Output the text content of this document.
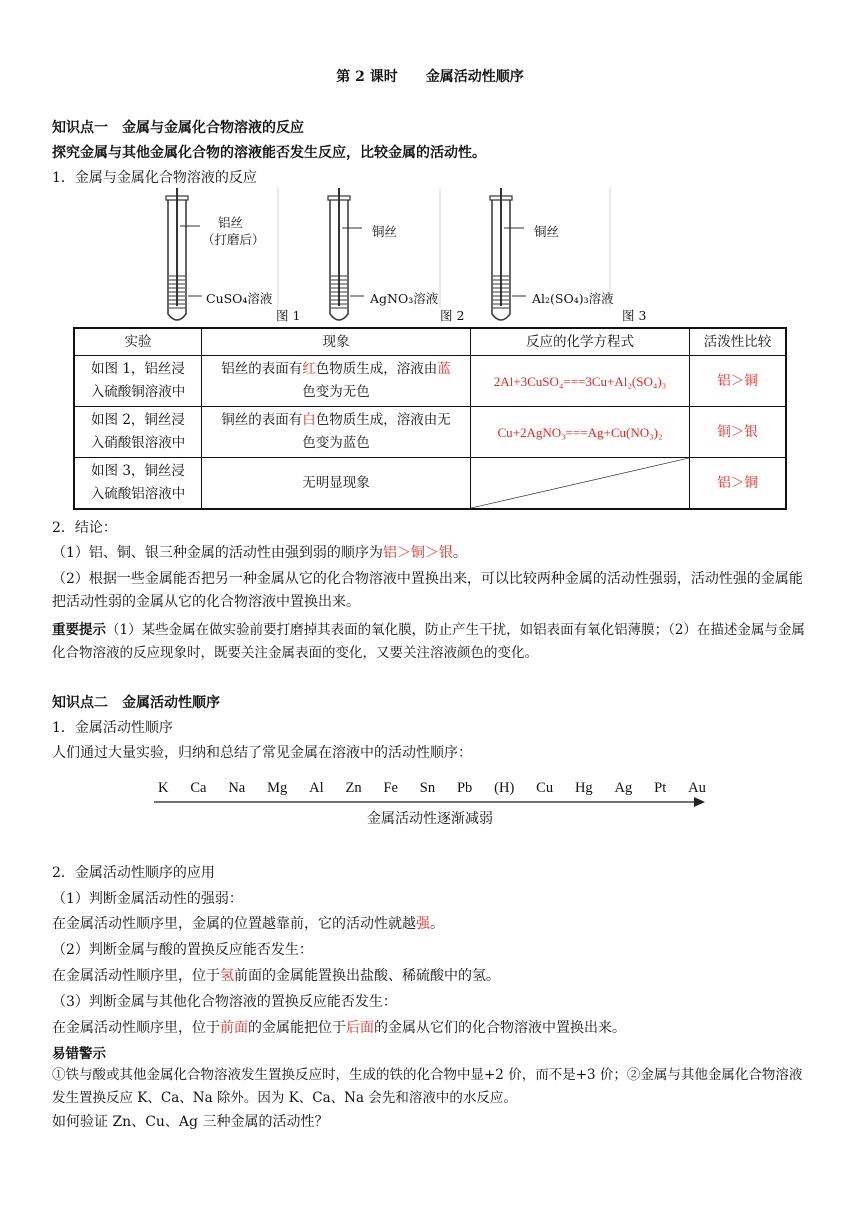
第 2 课时　　金属活动性顺序
知识点一　金属与金属化合物溶液的反应
探究金属与其他金属化合物的溶液能否发生反应，比较金属的活动性。
1．金属与金属化合物溶液的反应
铝丝
（打磨后）
CuSO₄溶液
图 1
铜丝
AgNO₃溶液
图 2
铜丝
Al₂(SO₄)₃溶液
图 3
实验	现象	反应的化学方程式	活泼性比较
如图 1，铝丝浸
入硫酸铜溶液中	铝丝的表面有红色物质生成，溶液由蓝
色变为无色	2Al+3CuSO₄===3Cu+Al₂(SO₄)₃	铝＞铜
如图 2，铜丝浸
入硝酸银溶液中	铜丝的表面有白色物质生成，溶液由无
色变为蓝色	Cu+2AgNO₃===Ag+Cu(NO₃)₂	铜＞银
如图 3，铜丝浸
入硫酸铝溶液中	无明显现象		铝＞铜
2．结论：
（1）铝、铜、银三种金属的活动性由强到弱的顺序为铝＞铜＞银。
（2）根据一些金属能否把另一种金属从它的化合物溶液中置换出来，可以比较两种金属的活动性强弱，活动性强的金属能把活动性弱的金属从它的化合物溶液中置换出来。
重要提示（1）某些金属在做实验前要打磨掉其表面的氧化膜，防止产生干扰，如铝表面有氧化铝薄膜；（2）在描述金属与金属化合物溶液的反应现象时，既要关注金属表面的变化，又要关注溶液颜色的变化。
知识点二　金属活动性顺序
1．金属活动性顺序
人们通过大量实验，归纳和总结了常见金属在溶液中的活动性顺序：
K Ca Na Mg Al Zn Fe Sn Pb (H) Cu Hg Ag Pt Au
金属活动性逐渐减弱
2．金属活动性顺序的应用
（1）判断金属活动性的强弱：
在金属活动性顺序里，金属的位置越靠前，它的活动性就越强。
（2）判断金属与酸的置换反应能否发生：
在金属活动性顺序里，位于氢前面的金属能置换出盐酸、稀硫酸中的氢。
（3）判断金属与其他化合物溶液的置换反应能否发生：
在金属活动性顺序里，位于前面的金属能把位于后面的金属从它们的化合物溶液中置换出来。
易错警示
①铁与酸或其他金属化合物溶液发生置换反应时，生成的铁的化合物中显+2 价，而不是+3 价；②金属与其他金属化合物溶液发生置换反应 K、Ca、Na 除外。因为 K、Ca、Na 会先和溶液中的水反应。
如何验证 Zn、Cu、Ag 三种金属的活动性？
